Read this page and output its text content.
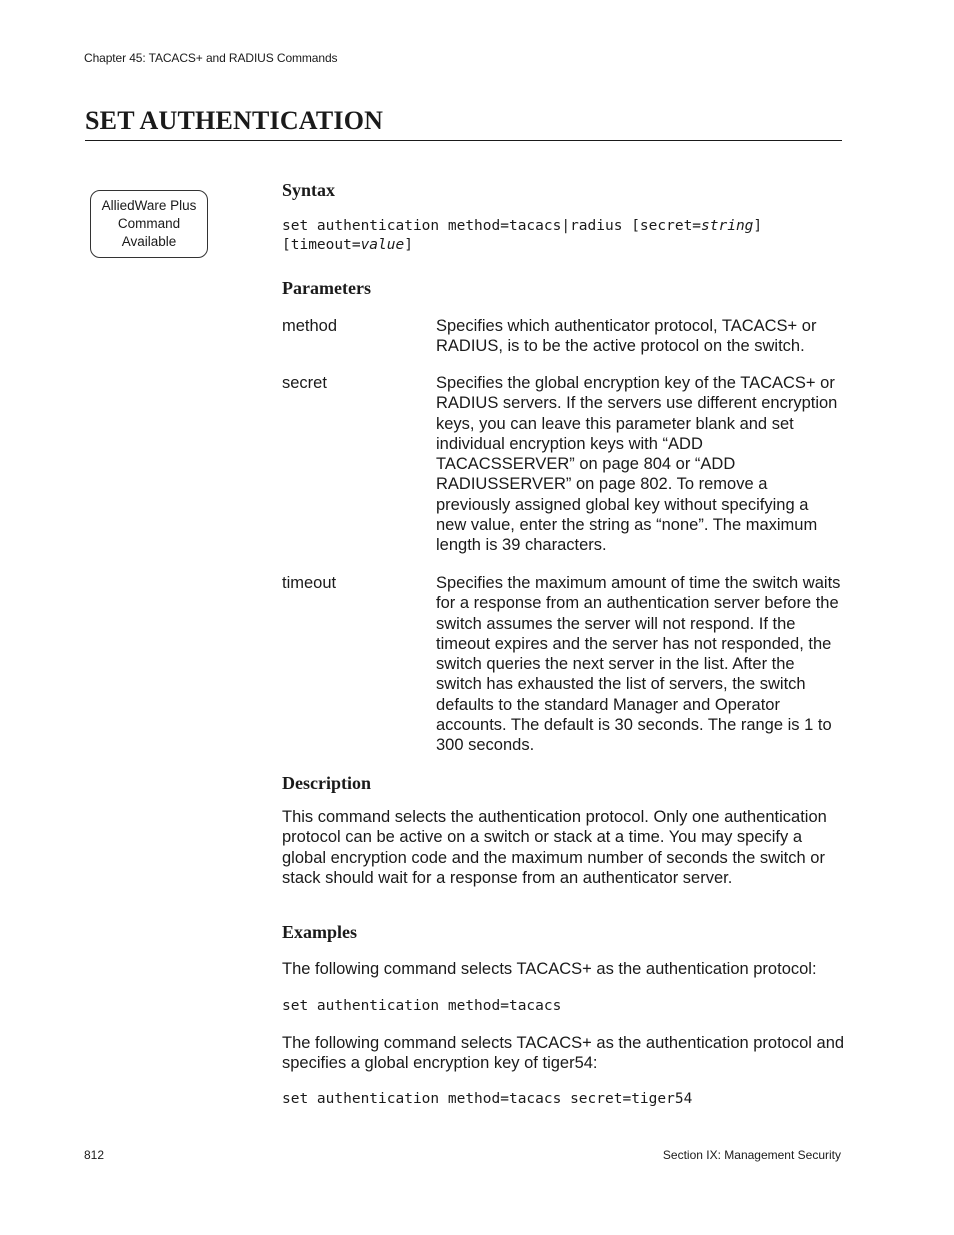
Chapter 45: TACACS+ and RADIUS Commands
SET AUTHENTICATION
AlliedWare Plus
Command
Available
Syntax
set authentication method=tacacs|radius [secret=string]
[timeout=value]
Parameters
method	Specifies which authenticator protocol, TACACS+ or RADIUS, is to be the active protocol on the switch.
secret	Specifies the global encryption key of the TACACS+ or RADIUS servers. If the servers use different encryption keys, you can leave this parameter blank and set individual encryption keys with “ADD TACACSSERVER” on page 804 or “ADD RADIUSSERVER” on page 802. To remove a previously assigned global key without specifying a new value, enter the string as “none”. The maximum length is 39 characters.
timeout	Specifies the maximum amount of time the switch waits for a response from an authentication server before the switch assumes the server will not respond. If the timeout expires and the server has not responded, the switch queries the next server in the list. After the switch has exhausted the list of servers, the switch defaults to the standard Manager and Operator accounts. The default is 30 seconds. The range is 1 to 300 seconds.
Description
This command selects the authentication protocol. Only one authentication protocol can be active on a switch or stack at a time. You may specify a global encryption code and the maximum number of seconds the switch or stack should wait for a response from an authenticator server.
Examples
The following command selects TACACS+ as the authentication protocol:
set authentication method=tacacs
The following command selects TACACS+ as the authentication protocol and specifies a global encryption key of tiger54:
set authentication method=tacacs secret=tiger54
812	Section IX: Management Security
